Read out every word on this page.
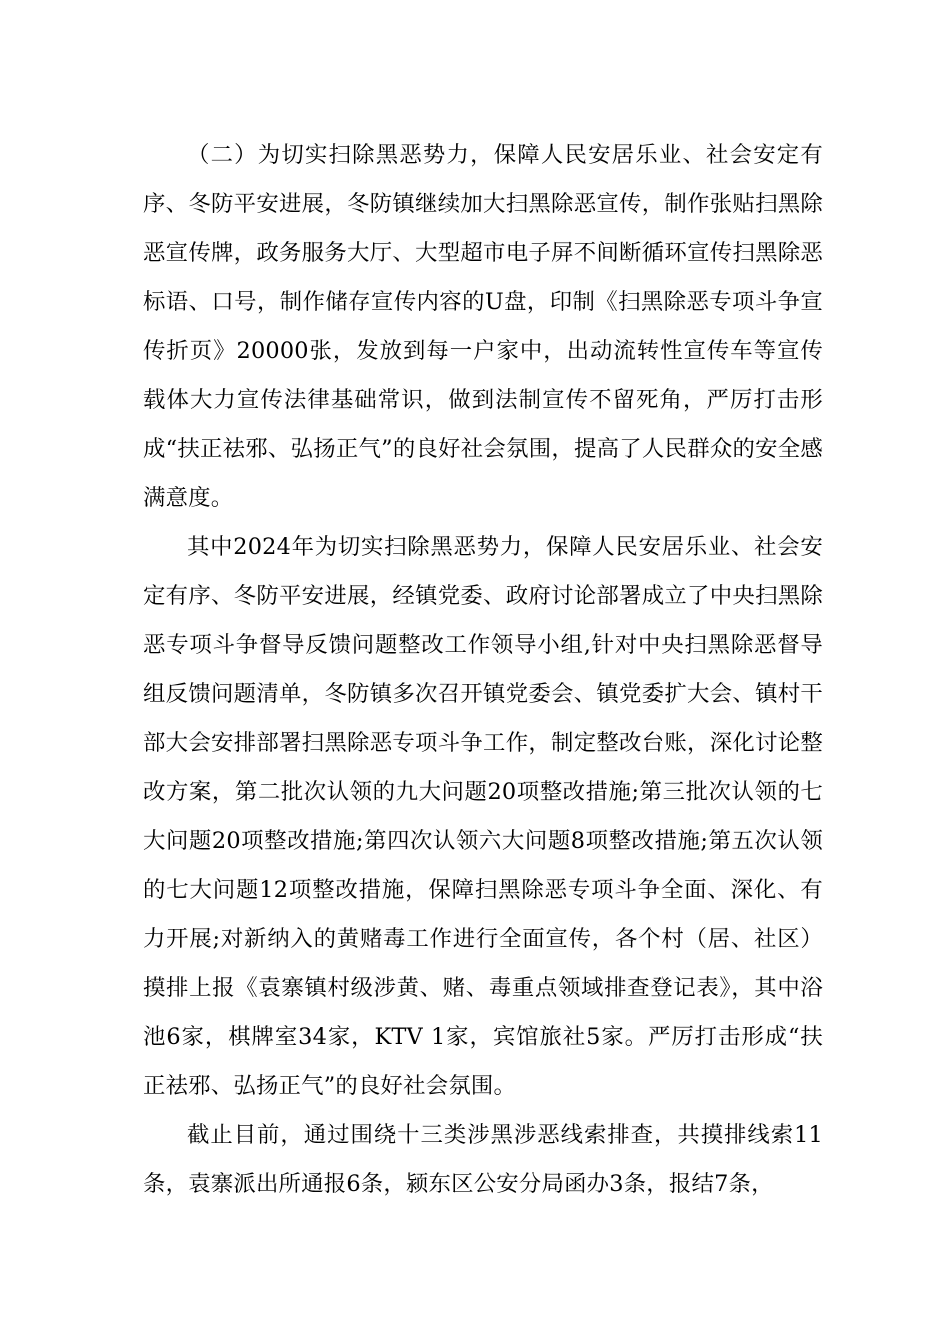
（二）为切实扫除黑恶势力，保障人民安居乐业、社会安定有序、冬防平安进展，冬防镇继续加大扫黑除恶宣传，制作张贴扫黑除恶宣传牌，政务服务大厅、大型超市电子屏不间断循环宣传扫黑除恶标语、口号，制作储存宣传内容的U盘，印制《扫黑除恶专项斗争宣传折页》20000张，发放到每一户家中，出动流转性宣传车等宣传载体大力宣传法律基础常识，做到法制宣传不留死角，严厉打击形成“扶正祛邪、弘扬正气”的良好社会氛围，提高了人民群众的安全感满意度。

其中2024年为切实扫除黑恶势力，保障人民安居乐业、社会安定有序、冬防平安进展，经镇党委、政府讨论部署成立了中央扫黑除恶专项斗争督导反馈问题整改工作领导小组,针对中央扫黑除恶督导组反馈问题清单，冬防镇多次召开镇党委会、镇党委扩大会、镇村干部大会安排部署扫黑除恶专项斗争工作，制定整改台账，深化讨论整改方案，第二批次认领的九大问题20项整改措施;第三批次认领的七大问题20项整改措施;第四次认领六大问题8项整改措施;第五次认领的七大问题12项整改措施，保障扫黑除恶专项斗争全面、深化、有力开展;对新纳入的黄赌毒工作进行全面宣传，各个村（居、社区）摸排上报《袁寨镇村级涉黄、赌、毒重点领域排查登记表》，其中浴池6家，棋牌室34家，KTV 1家，宾馆旅社5家。严厉打击形成“扶正祛邪、弘扬正气”的良好社会氛围。

截止目前，通过围绕十三类涉黑涉恶线索排查，共摸排线索11条，袁寨派出所通报6条，颍东区公安分局函办3条，报结7条，
